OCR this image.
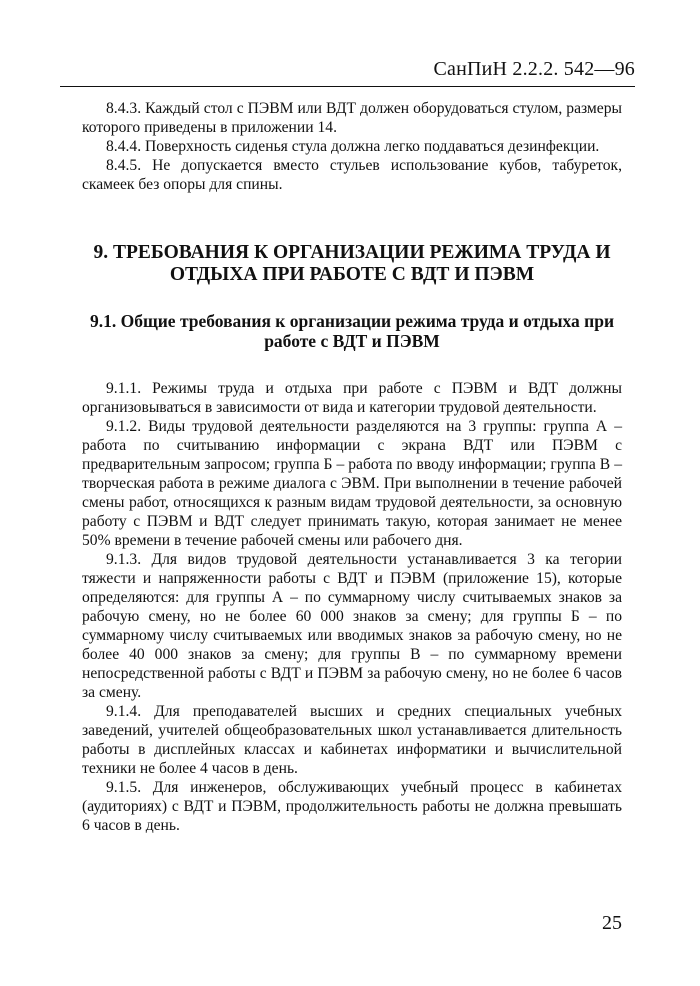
СанПиН 2.2.2. 542—96

8.4.3. Каждый стол с ПЭВМ или ВДТ должен оборудоваться стулом, размеры которого приведены в приложении 14.

8.4.4. Поверхность сиденья стула должна легко поддаваться дезинфекции.

8.4.5. Не допускается вместо стульев использование кубов, табуреток, скамеек без опоры для спины.

9. ТРЕБОВАНИЯ К ОРГАНИЗАЦИИ РЕЖИМА ТРУДА И ОТДЫХА ПРИ РАБОТЕ С ВДТ И ПЭВМ
9.1. Общие требования к организации режима труда и отдыха при работе с ВДТ и ПЭВМ

9.1.1. Режимы труда и отдыха при работе с ПЭВМ и ВДТ должны организовываться в зависимости от вида и категории трудовой деятельности.

9.1.2. Виды трудовой деятельности разделяются на 3 группы: группа А – работа по считыванию информации с экрана ВДТ или ПЭВМ с предварительным запросом; группа Б – работа по вводу информации; группа В – творческая работа в режиме диалога с ЭВМ. При выполнении в течение рабочей смены работ, относящихся к разным видам трудовой деятельности, за основную работу с ПЭВМ и ВДТ следует принимать такую, которая занимает не менее 50% времени в течение рабочей смены или рабочего дня.

9.1.3. Для видов трудовой деятельности устанавливается 3 ка тегории тяжести и напряженности работы с ВДТ и ПЭВМ (приложение 15), которые определяются: для группы А – по суммарному числу считываемых знаков за рабочую смену, но не более 60 000 знаков за смену; для группы Б – по суммарному числу считываемых или вводимых знаков за рабочую смену, но не более 40 000 знаков за смену; для группы В – по суммарному времени непосредственной работы с ВДТ и ПЭВМ за рабочую смену, но не более 6 часов за смену.

9.1.4. Для преподавателей высших и средних специальных учебных заведений, учителей общеобразовательных школ устанавливается длительность работы в дисплейных классах и кабинетах информатики и вычислительной техники не более 4 часов в день.

9.1.5. Для инженеров, обслуживающих учебный процесс в кабинетах (аудиториях) с ВДТ и ПЭВМ, продолжительность работы не должна превышать 6 часов в день.

25
